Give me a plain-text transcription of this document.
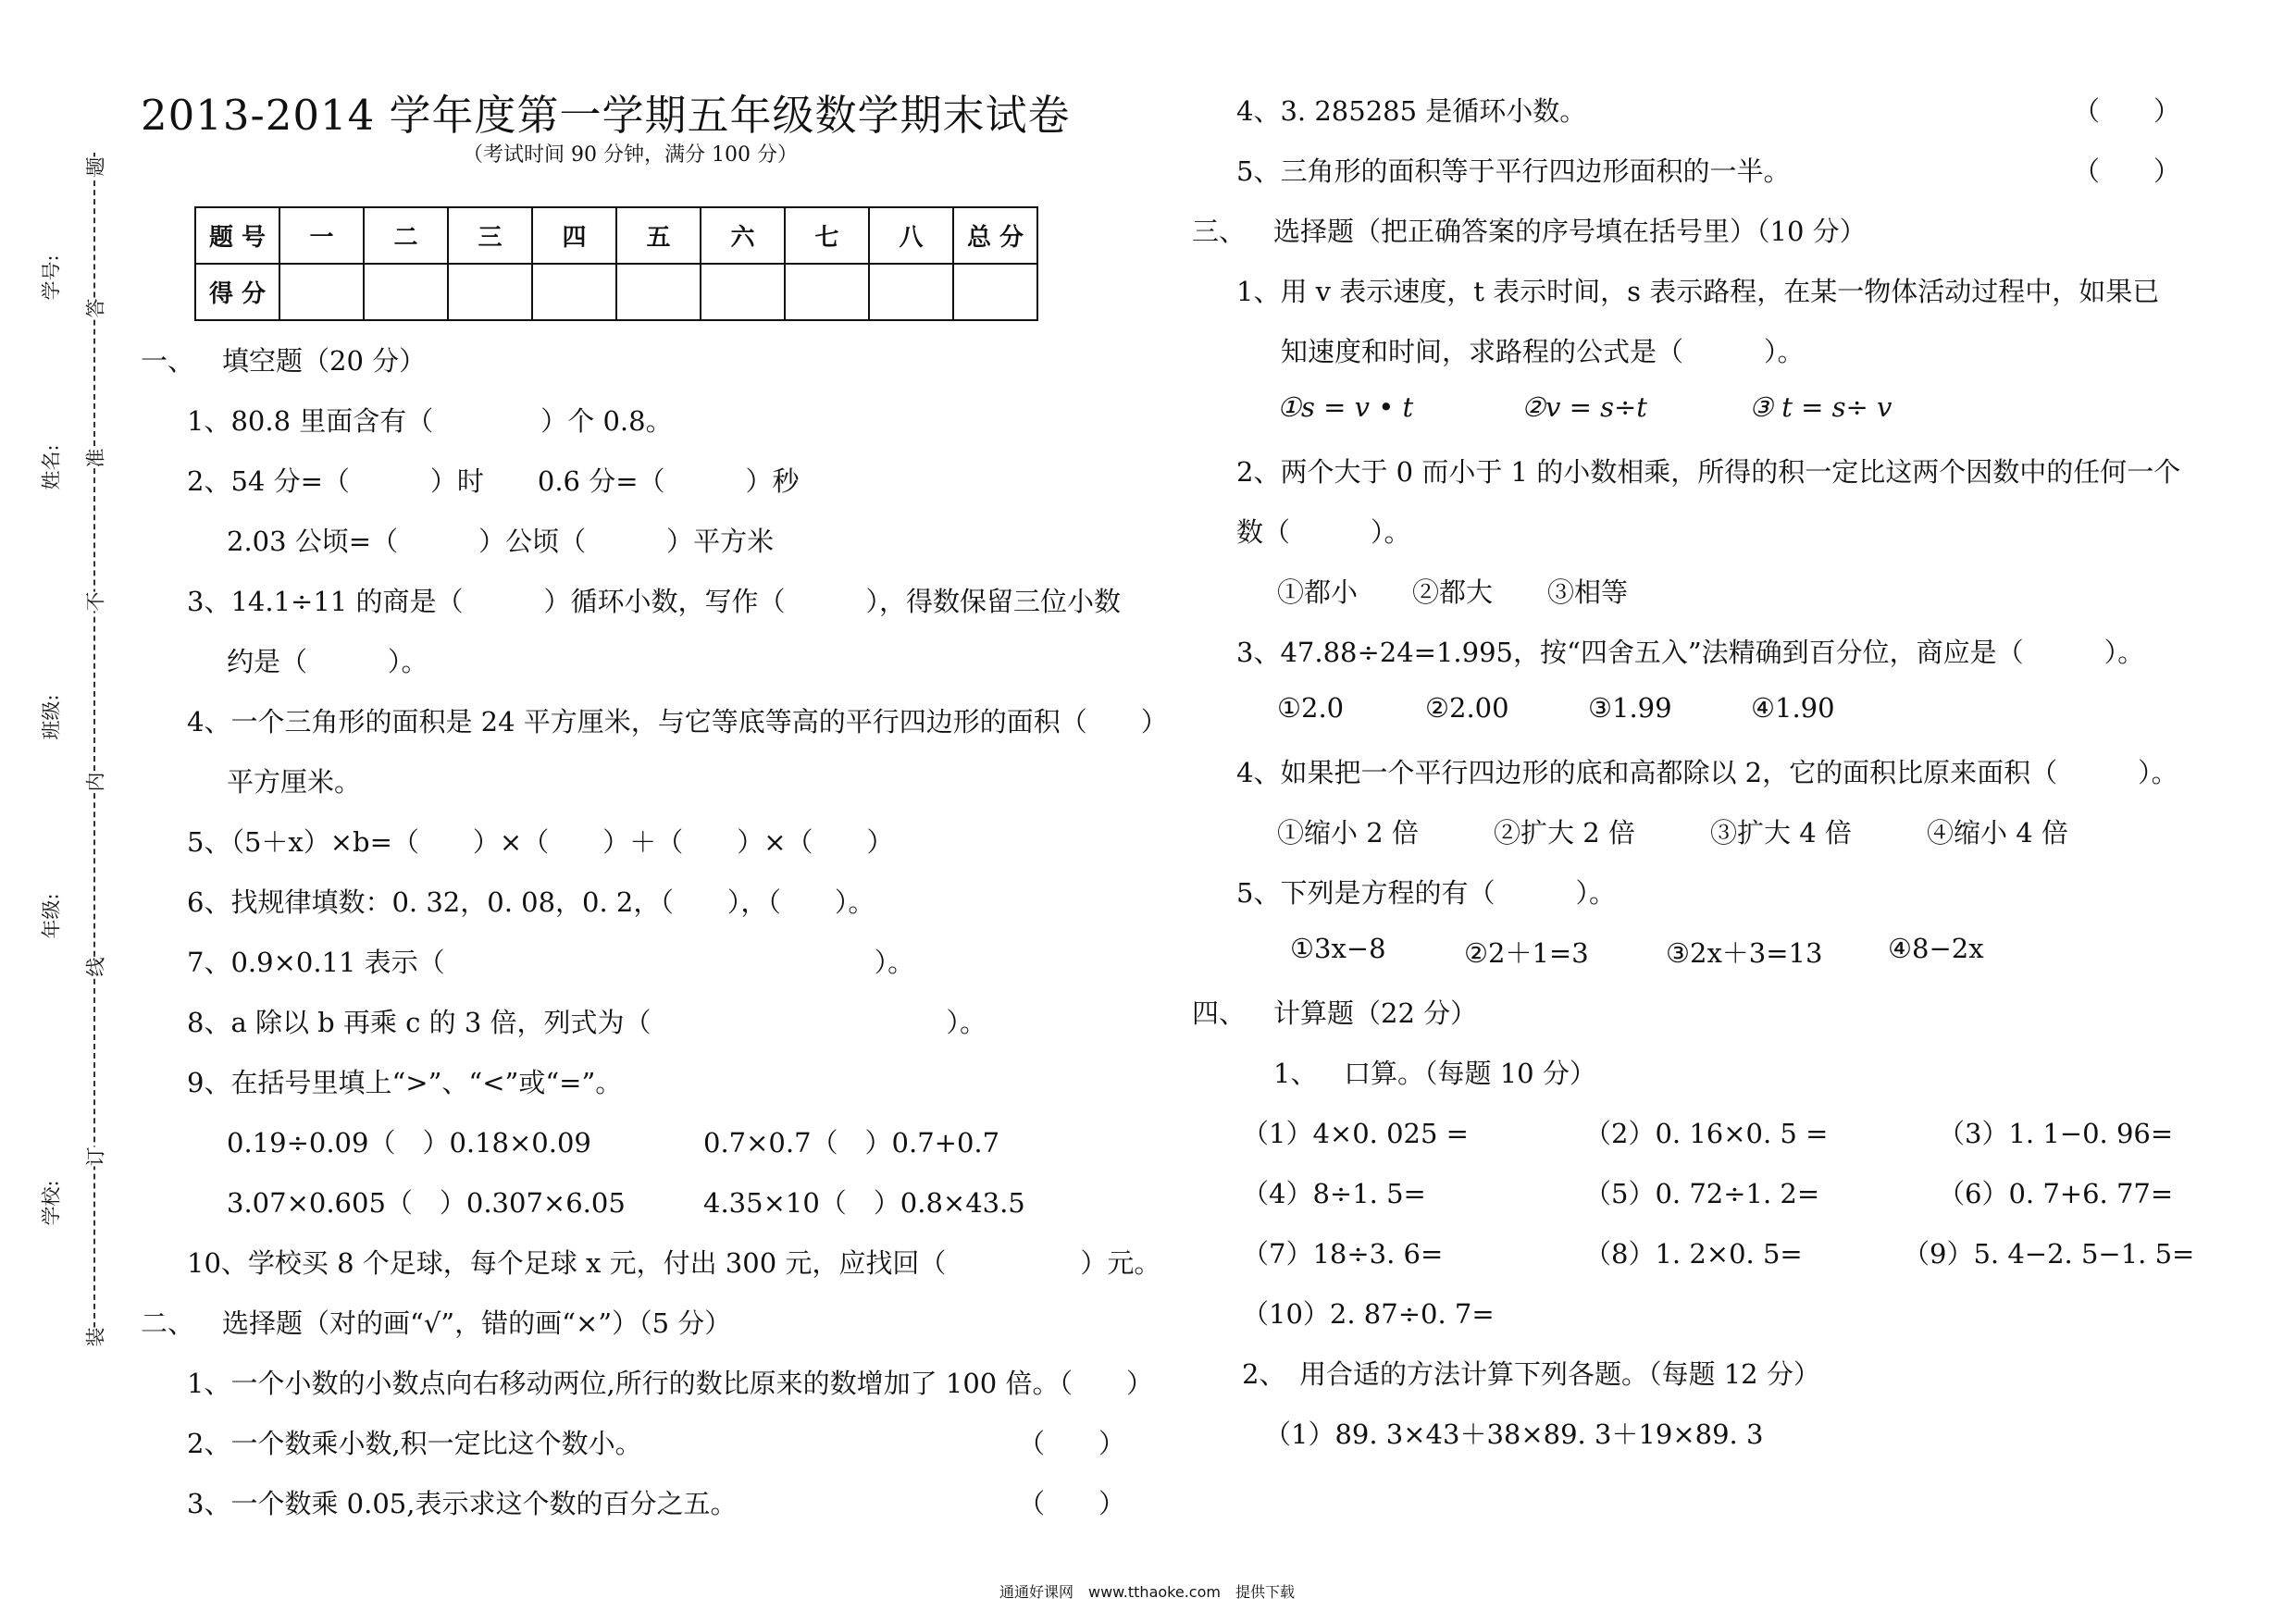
学号:
姓名:
班级:
年级:
学校:
题
答
准
不
内
线
订
装
2013-2014 学年度第一学期五年级数学期末试卷
（考试时间 90 分钟，满分 100 分）
题 号	一	二	三	四	五	六	七	八	总 分
得 分									
一、 填空题（20 分）
1、80.8 里面含有（　　　　）个 0.8。
2、54 分=（　　　）时　　0.6 分=（　　　）秒
2.03 公顷=（　　　）公顷（　　　）平方米
3、14.1÷11 的商是（　　　）循环小数，写作（　　　），得数保留三位小数
约是（　　　）。
4、一个三角形的面积是 24 平方厘米，与它等底等高的平行四边形的面积（　　）
平方厘米。
5、（5＋x）×b=（　　）×（　　）＋（　　）×（　　）
6、找规律填数：0. 32，0. 08，0. 2，（　　），（　　）。
7、0.9×0.11 表示（　　　　　　　　　　　　　　　　）。
8、a 除以 b 再乘 c 的 3 倍，列式为（　　　　　　　　　　　）。
9、在括号里填上“>”、“<”或“=”。
0.19÷0.09（　）0.18×0.09	0.7×0.7（　）0.7+0.7
3.07×0.605（　）0.307×6.05	4.35×10（　）0.8×43.5
10、学校买 8 个足球，每个足球 x 元，付出 300 元，应找回（　　　　　）元。
二、 选择题（对的画“√”，错的画“×”）（5 分）
1、一个小数的小数点向右移动两位,所行的数比原来的数增加了 100 倍。（　　）
2、一个数乘小数,积一定比这个数小。	（　　）
3、一个数乘 0.05,表示求这个数的百分之五。	（　　）
4、3. 285285 是循环小数。	（　　）
5、三角形的面积等于平行四边形面积的一半。	（　　）
三、 选择题（把正确答案的序号填在括号里）（10 分）
1、用 v 表示速度，t 表示时间，s 表示路程，在某一物体活动过程中，如果已
知速度和时间，求路程的公式是（　　　）。
①s = v • t	②v = s÷t	③ t = s÷ v
2、两个大于 0 而小于 1 的小数相乘，所得的积一定比这两个因数中的任何一个
数（　　　）。
①都小 ②都大 ③相等
3、47.88÷24=1.995，按“四舍五入”法精确到百分位，商应是（　　　）。
①2.0	②2.00	③1.99	④1.90
4、如果把一个平行四边形的底和高都除以 2，它的面积比原来面积（　　　）。
①缩小 2 倍	②扩大 2 倍	③扩大 4 倍	④缩小 4 倍
5、下列是方程的有（　　　）。
①3x−8	②2＋1=3	③2x＋3=13 ④8−2x
四、 计算题（22 分）
1、 口算。（每题 10 分）
（1）4×0. 025 =	（2）0. 16×0. 5 =	（3）1. 1−0. 96=
（4）8÷1. 5=	（5）0. 72÷1. 2=	（6）0. 7+6. 77=
（7）18÷3. 6=	（8）1. 2×0. 5=	（9）5. 4−2. 5−1. 5=
（10）2. 87÷0. 7=
2、 用合适的方法计算下列各题。（每题 12 分）
（1）89. 3×43＋38×89. 3＋19×89. 3
通通好课网　www.tthaoke.com　提供下载
